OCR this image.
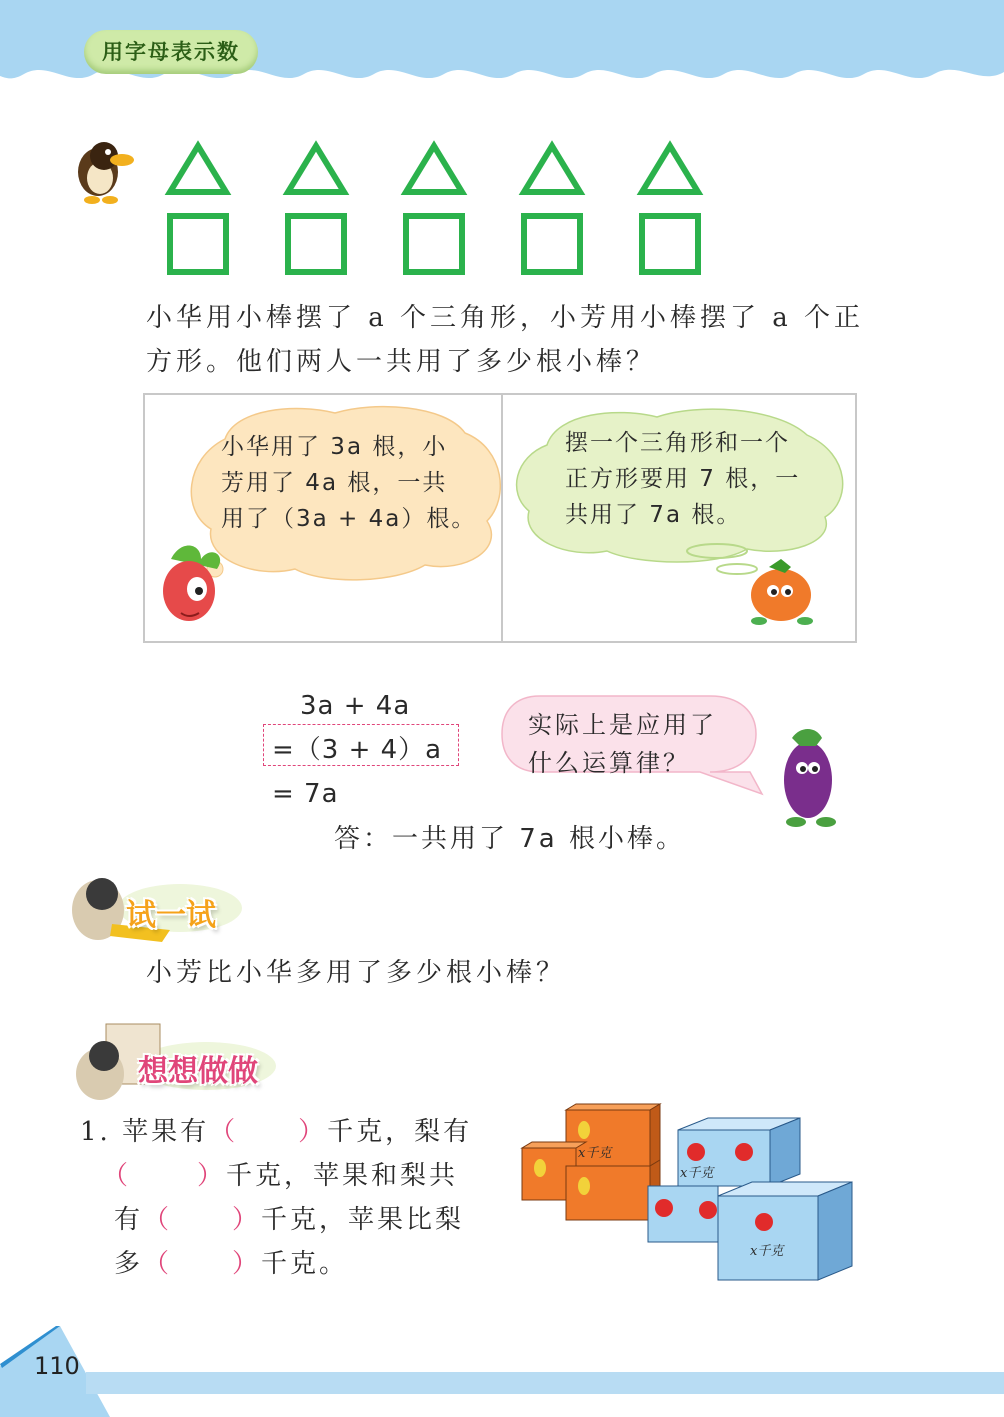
用字母表示数
小华用小棒摆了 a 个三角形，小芳用小棒摆了 a 个正
方形。他们两人一共用了多少根小棒？
小华用了 3a 根，小
芳用了 4a 根，一共
用了（3a + 4a）根。
摆一个三角形和一个
正方形要用 7 根，一
共用了 7a 根。
3a + 4a
=（3 + 4）a
= 7a
实际上是应用了
什么运算律？
答：一共用了 7a 根小棒。
试一试
小芳比小华多用了多少根小棒？
想想做做
1. 苹果有（ ）千克，梨有
（	）千克，苹果和梨共
有（ ）千克，苹果比梨
多（ ）千克。
x千克
x千克
x千克
110
